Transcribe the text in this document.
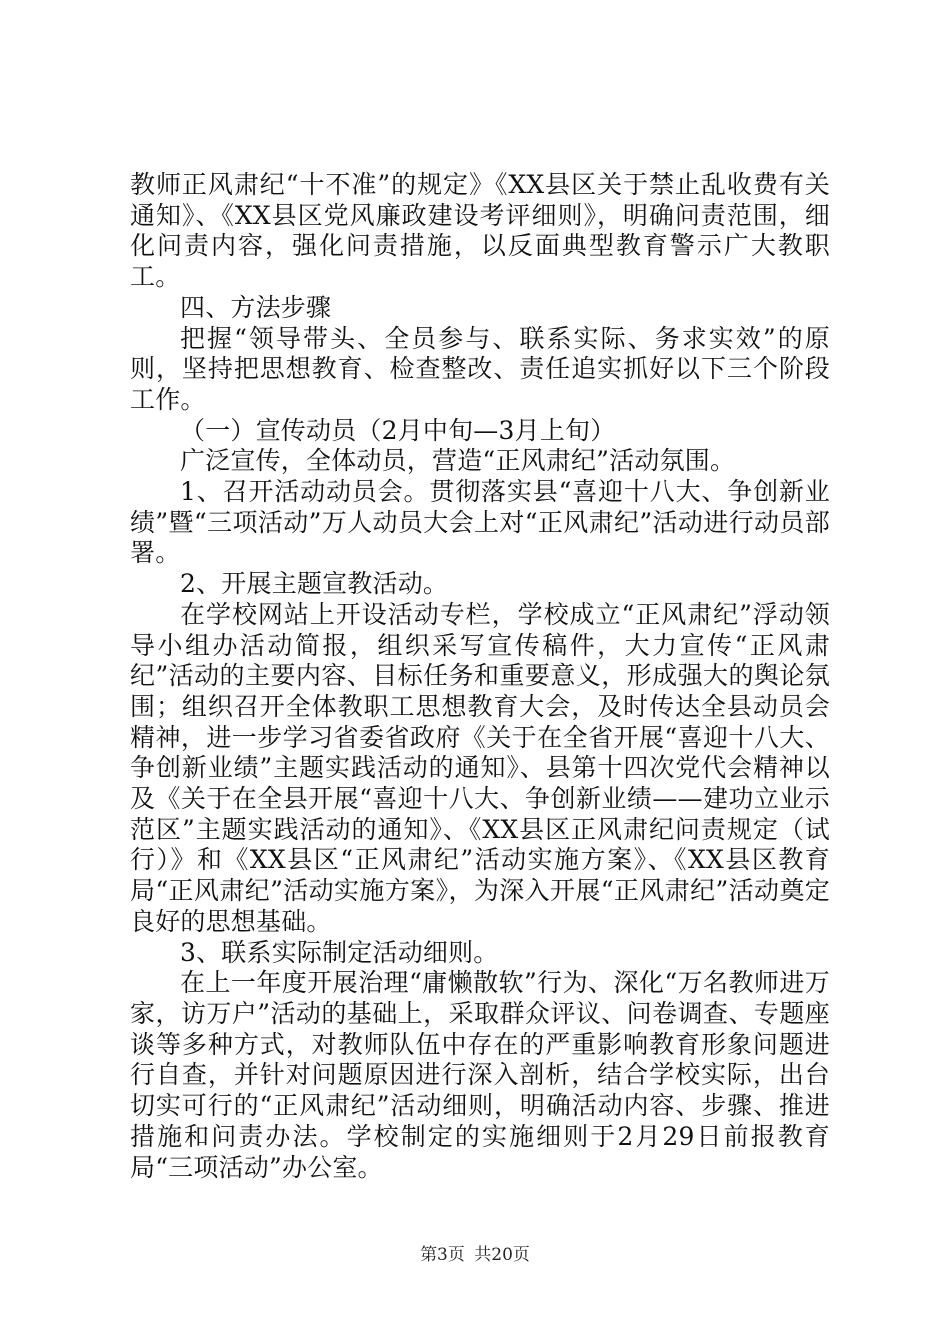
教师正风肃纪“十不准”的规定》《XX县区关于禁止乱收费有关通知》、《XX县区党风廉政建设考评细则》，明确问责范围，细化问责内容，强化问责措施，以反面典型教育警示广大教职工。

四、方法步骤

把握“领导带头、全员参与、联系实际、务求实效”的原则，坚持把思想教育、检查整改、责任追实抓好以下三个阶段工作。

（一）宣传动员（2月中旬—3月上旬）

广泛宣传，全体动员，营造“正风肃纪”活动氛围。

1、召开活动动员会。贯彻落实县“喜迎十八大、争创新业绩”暨“三项活动”万人动员大会上对“正风肃纪”活动进行动员部署。

2、开展主题宣教活动。

在学校网站上开设活动专栏，学校成立“正风肃纪”浮动领导小组办活动简报，组织采写宣传稿件，大力宣传“正风肃纪”活动的主要内容、目标任务和重要意义，形成强大的舆论氛围；组织召开全体教职工思想教育大会，及时传达全县动员会精神，进一步学习省委省政府《关于在全省开展“喜迎十八大、争创新业绩”主题实践活动的通知》、县第十四次党代会精神以及《关于在全县开展“喜迎十八大、争创新业绩——建功立业示范区”主题实践活动的通知》、《XX县区正风肃纪问责规定（试行）》和《XX县区“正风肃纪”活动实施方案》、《XX县区教育局“正风肃纪”活动实施方案》，为深入开展“正风肃纪”活动奠定良好的思想基础。

3、联系实际制定活动细则。

在上一年度开展治理“庸懒散软”行为、深化“万名教师进万家，访万户”活动的基础上，采取群众评议、问卷调查、专题座谈等多种方式，对教师队伍中存在的严重影响教育形象问题进行自查，并针对问题原因进行深入剖析，结合学校实际，出台切实可行的“正风肃纪”活动细则，明确活动内容、步骤、推进措施和问责办法。学校制定的实施细则于2月29日前报教育局“三项活动”办公室。

第3页 共20页
